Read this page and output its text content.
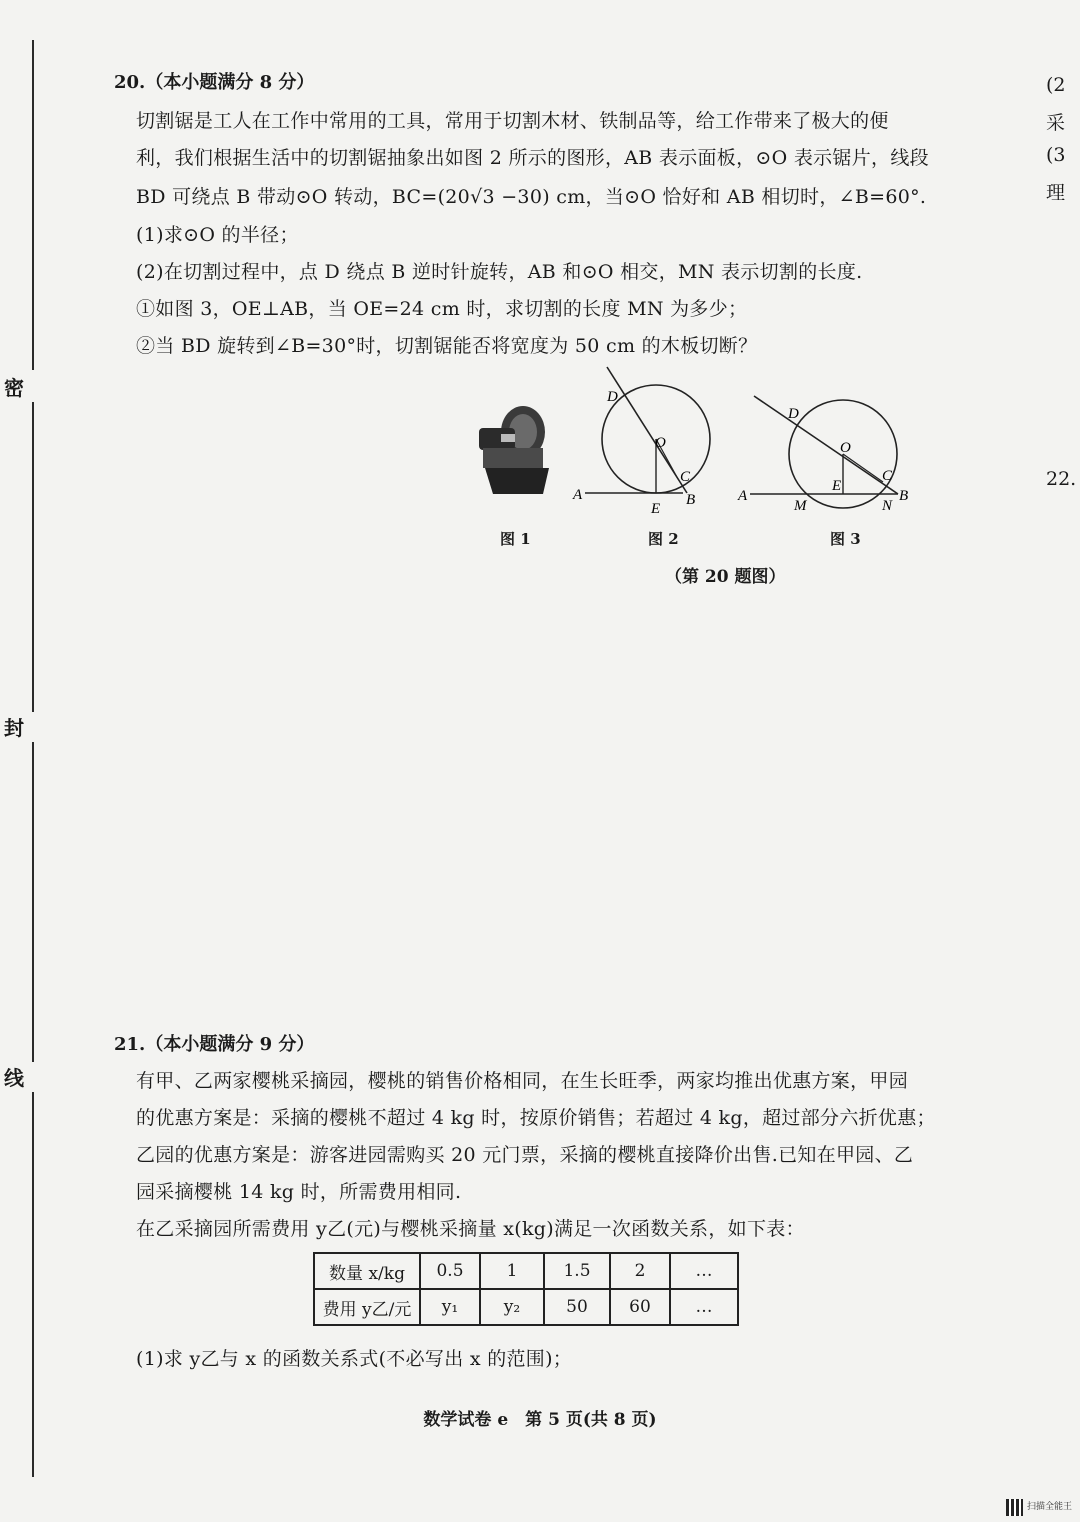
密
封
线
(2
采
(3
理
22.
20.（本小题满分 8 分）
切割锯是工人在工作中常用的工具，常用于切割木材、铁制品等，给工作带来了极大的便
利，我们根据生活中的切割锯抽象出如图 2 所示的图形，AB 表示面板，⊙O 表示锯片，线段
BD 可绕点 B 带动⊙O 转动，BC=(20√3 −30) cm，当⊙O 恰好和 AB 相切时，∠B=60°.
(1)求⊙O 的半径；
(2)在切割过程中，点 D 绕点 B 逆时针旋转，AB 和⊙O 相交，MN 表示切割的长度.
①如图 3，OE⊥AB，当 OE=24 cm 时，求切割的长度 MN 为多少；
②当 BD 旋转到∠B=30°时，切割锯能否将宽度为 50 cm 的木板切断？
D
O
C
A
E
B
D
O
C
A
M
E
N
B
图 1	图 2	图 3
（第 20 题图）
21.（本小题满分 9 分）
有甲、乙两家樱桃采摘园，樱桃的销售价格相同，在生长旺季，两家均推出优惠方案，甲园
的优惠方案是：采摘的樱桃不超过 4 kg 时，按原价销售；若超过 4 kg，超过部分六折优惠；
乙园的优惠方案是：游客进园需购买 20 元门票，采摘的樱桃直接降价出售.已知在甲园、乙
园采摘樱桃 14 kg 时，所需费用相同.
在乙采摘园所需费用 y乙(元)与樱桃采摘量 x(kg)满足一次函数关系，如下表：
数量 x/kg	0.5	1	1.5	2	…
费用 y乙/元	y₁	y₂	50	60	…
(1)求 y乙与 x 的函数关系式(不必写出 x 的范围)；
数学试卷 e　第 5 页(共 8 页)
扫描全能王
